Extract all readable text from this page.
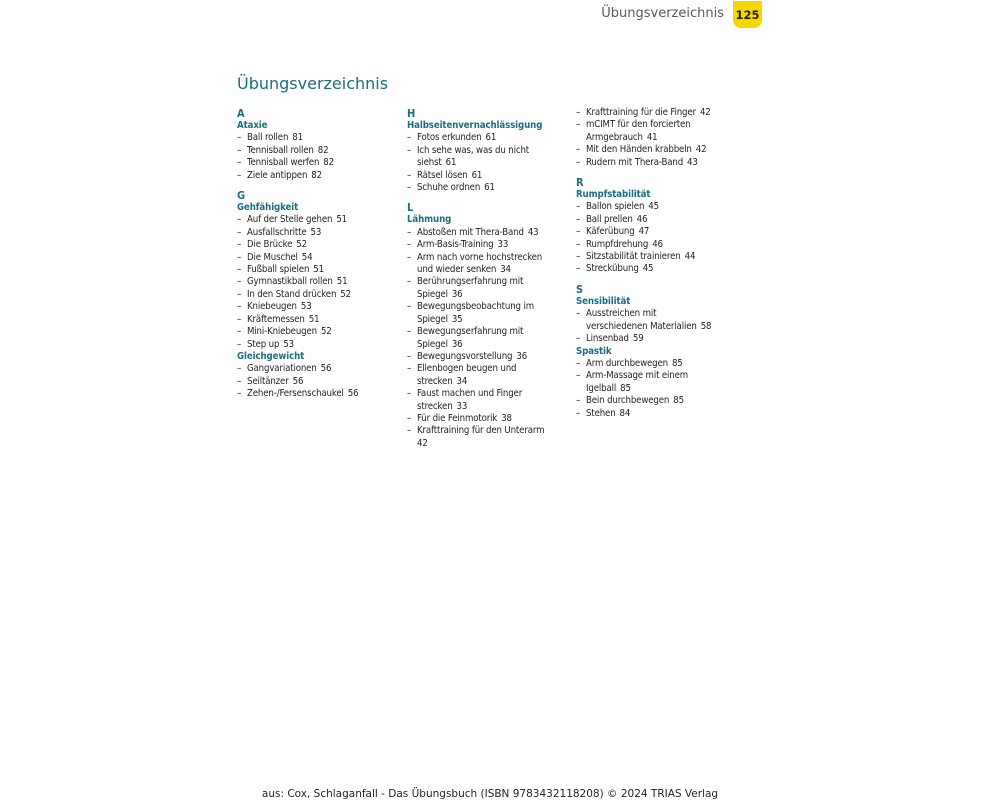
Übungsverzeichnis 125
Übungsverzeichnis
A
Ataxie
– Ball rollen 81
– Tennisball rollen 82
– Tennisball werfen 82
– Ziele antippen 82
G
Gehfähigkeit
– Auf der Stelle gehen 51
– Ausfallschritte 53
– Die Brücke 52
– Die Muschel 54
– Fußball spielen 51
– Gymnastikball rollen 51
– In den Stand drücken 52
– Kniebeugen 53
– Kräftemessen 51
– Mini-Kniebeugen 52
– Step up 53
Gleichgewicht
– Gangvariationen 56
– Seiltänzer 56
– Zehen-/Fersenschaukel 56
H
Halbseitenvernachlässigung
– Fotos erkunden 61
– Ich sehe was, was du nicht
siehst 61
– Rätsel lösen 61
– Schuhe ordnen 61
L
Lähmung
– Abstoßen mit Thera-Band 43
– Arm-Basis-Training 33
– Arm nach vorne hochstrecken
und wieder senken 34
– Berührungserfahrung mit
Spiegel 36
– Bewegungsbeobachtung im
Spiegel 35
– Bewegungserfahrung mit
Spiegel 36
– Bewegungsvorstellung 36
– Ellenbogen beugen und
strecken 34
– Faust machen und Finger
strecken 33
– Für die Feinmotorik 38
– Krafttraining für den Unterarm
42
– Krafttraining für die Finger 42
– mCIMT für den forcierten
Armgebrauch 41
– Mit den Händen krabbeln 42
– Rudern mit Thera-Band 43
R
Rumpfstabilität
– Ballon spielen 45
– Ball prellen 46
– Käferübung 47
– Rumpfdrehung 46
– Sitzstabilität trainieren 44
– Streckübung 45
S
Sensibilität
– Ausstreichen mit
verschiedenen Materialien 58
– Linsenbad 59
Spastik
– Arm durchbewegen 85
– Arm-Massage mit einem
Igelball 85
– Bein durchbewegen 85
– Stehen 84
aus: Cox, Schlaganfall - Das Übungsbuch (ISBN 9783432118208) © 2024 TRIAS Verlag
